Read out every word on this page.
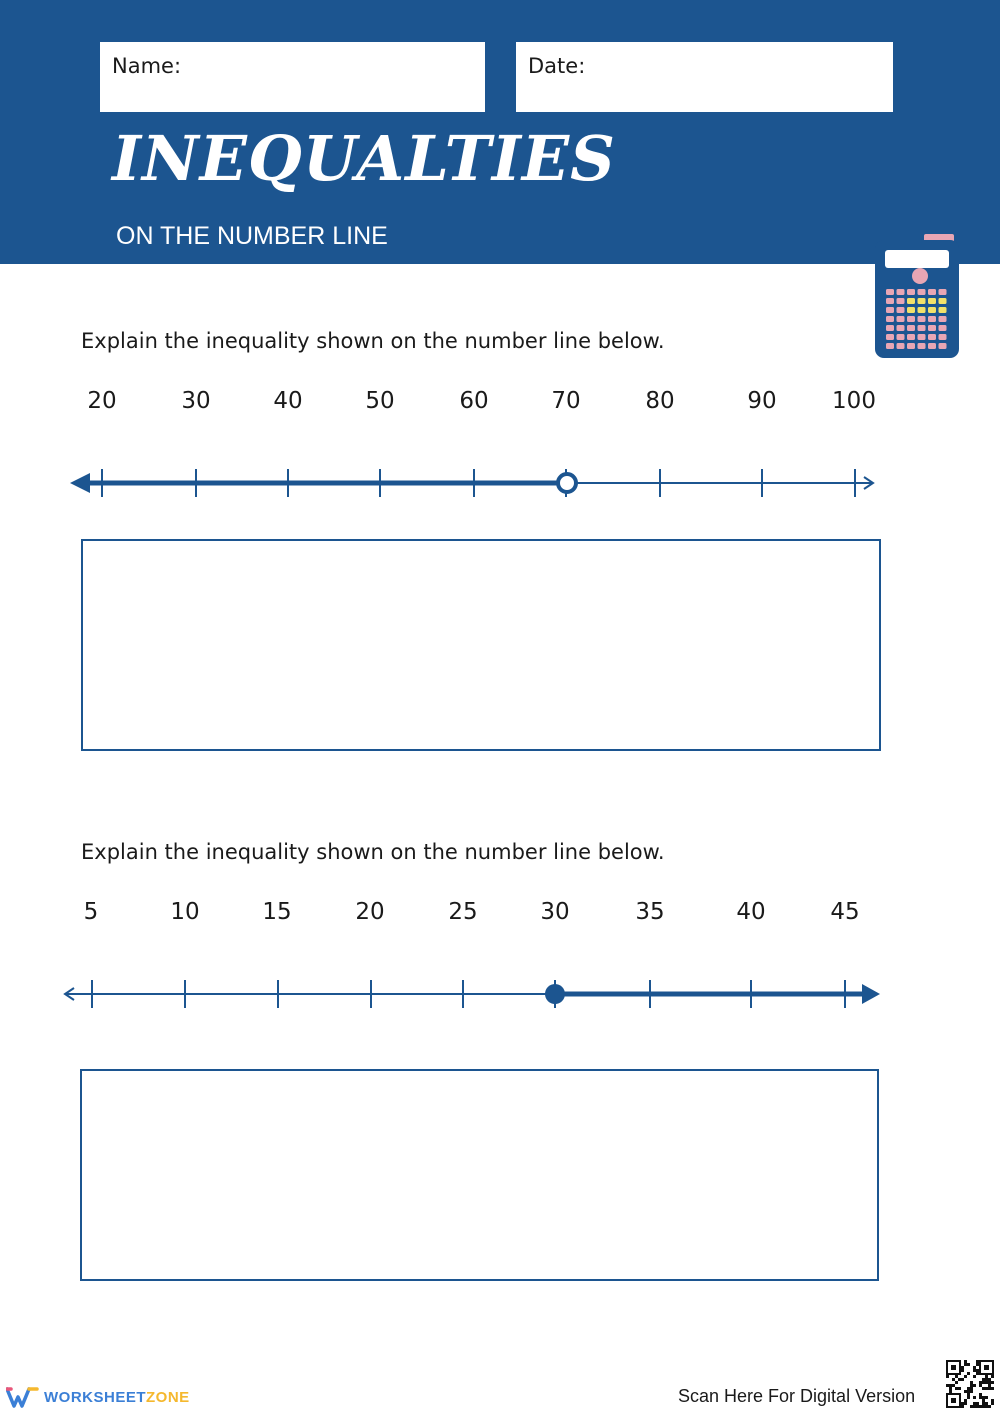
Name:	Date:
INEQUALTIES

ON THE NUMBER LINE

Explain the inequality shown on the number line below.

20	30	40	50	60	70	80	90 100

Explain the inequality shown on the number line below.

5	10	15	20	25	30	35	40	45
WORKSHEETZONE	Scan Here For Digital Version
